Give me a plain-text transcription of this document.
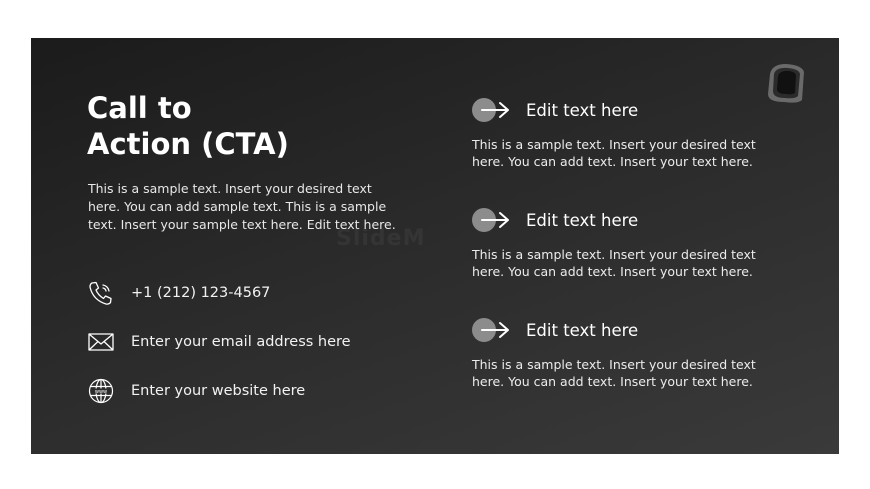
SlideM
Call to
Action (CTA)
This is a sample text. Insert your desired text here. You can add sample text. This is a sample text. Insert your sample text here. Edit text here.
+1 (212) 123-4567
Enter your email address here
www Enter your website here
Edit text here
This is a sample text. Insert your desired text here. You can add text. Insert your text here.
Edit text here
This is a sample text. Insert your desired text here. You can add text. Insert your text here.
Edit text here
This is a sample text. Insert your desired text here. You can add text. Insert your text here.
